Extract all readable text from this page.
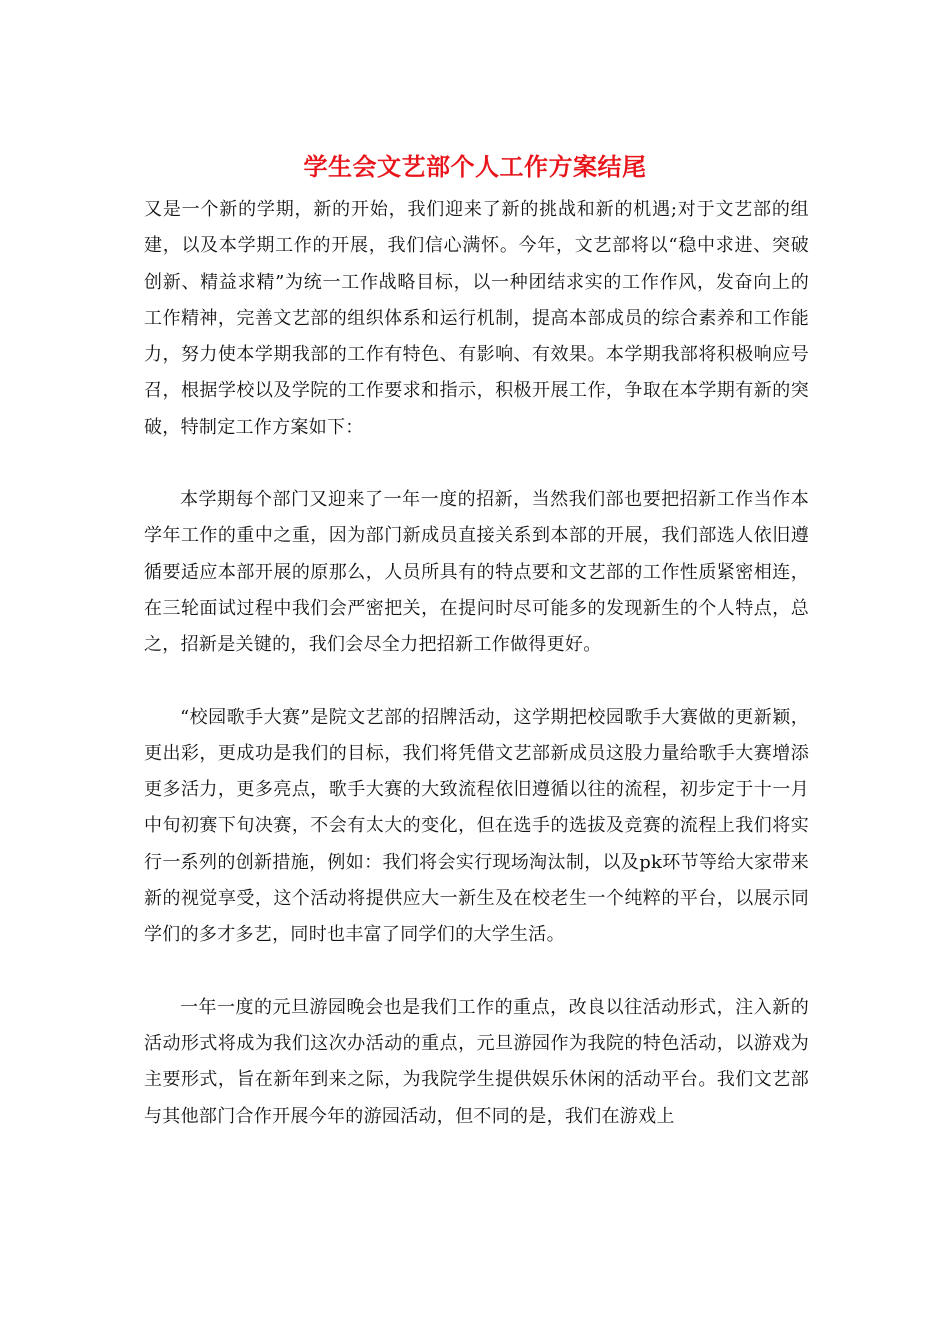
学生会文艺部个人工作方案结尾

又是一个新的学期，新的开始，我们迎来了新的挑战和新的机遇;对于文艺部的组建，以及本学期工作的开展，我们信心满怀。今年，文艺部将以“稳中求进、突破创新、精益求精”为统一工作战略目标，以一种团结求实的工作作风，发奋向上的工作精神，完善文艺部的组织体系和运行机制，提高本部成员的综合素养和工作能力，努力使本学期我部的工作有特色、有影响、有效果。本学期我部将积极响应号召，根据学校以及学院的工作要求和指示，积极开展工作，争取在本学期有新的突破，特制定工作方案如下：

本学期每个部门又迎来了一年一度的招新，当然我们部也要把招新工作当作本学年工作的重中之重，因为部门新成员直接关系到本部的开展，我们部选人依旧遵循要适应本部开展的原那么，人员所具有的特点要和文艺部的工作性质紧密相连，在三轮面试过程中我们会严密把关，在提问时尽可能多的发现新生的个人特点，总之，招新是关键的，我们会尽全力把招新工作做得更好。

“校园歌手大赛”是院文艺部的招牌活动，这学期把校园歌手大赛做的更新颖，更出彩，更成功是我们的目标，我们将凭借文艺部新成员这股力量给歌手大赛增添更多活力，更多亮点，歌手大赛的大致流程依旧遵循以往的流程，初步定于十一月中旬初赛下旬决赛，不会有太大的变化，但在选手的选拔及竞赛的流程上我们将实行一系列的创新措施，例如：我们将会实行现场淘汰制，以及pk环节等给大家带来新的视觉享受，这个活动将提供应大一新生及在校老生一个纯粹的平台，以展示同学们的多才多艺，同时也丰富了同学们的大学生活。

一年一度的元旦游园晚会也是我们工作的重点，改良以往活动形式，注入新的活动形式将成为我们这次办活动的重点，元旦游园作为我院的特色活动，以游戏为主要形式，旨在新年到来之际，为我院学生提供娱乐休闲的活动平台。我们文艺部与其他部门合作开展今年的游园活动，但不同的是，我们在游戏上
